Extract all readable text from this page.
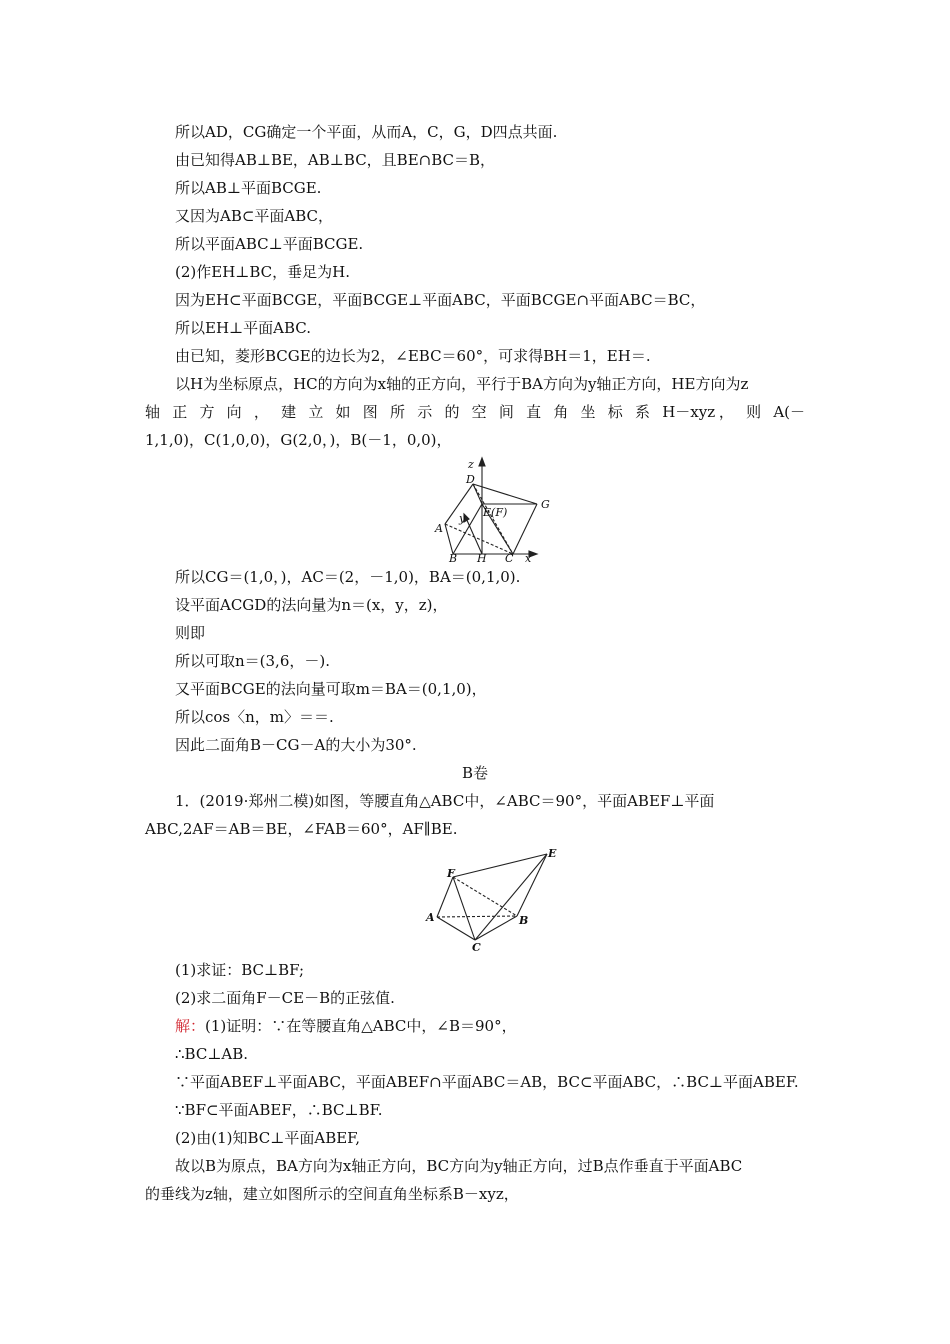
所以AD，CG确定一个平面，从而A，C，G，D四点共面.
由已知得AB⊥BE，AB⊥BC，且BE∩BC＝B，
所以AB⊥平面BCGE.
又因为AB⊂平面ABC，
所以平面ABC⊥平面BCGE.
(2)作EH⊥BC，垂足为H.
因为EH⊂平面BCGE，平面BCGE⊥平面ABC，平面BCGE∩平面ABC＝BC，
所以EH⊥平面ABC.
由已知，菱形BCGE的边长为2，∠EBC＝60°，可求得BH＝1，EH＝.
以H为坐标原点，HC的方向为x轴的正方向，平行于BA方向为y轴正方向，HE方向为z
轴 正 方 向 ， 建 立 如 图 所 示 的 空 间 直 角 坐 标 系 H－xyz， 则 A(－
1,1,0)，C(1,0,0)，G(2,0，)，B(－1，0,0)，
z
D
G
y E(F)
A
B H C x
所以CG＝(1,0，)，AC＝(2，－1,0)，BA＝(0,1,0).
设平面ACGD的法向量为n＝(x，y，z)，
则即
所以可取n＝(3,6，－).
又平面BCGE的法向量可取m＝BA＝(0,1,0)，
所以cos〈n，m〉＝＝.
因此二面角B－CG－A的大小为30°.
B卷
1．(2019·郑州二模)如图，等腰直角△ABC中，∠ABC＝90°，平面ABEF⊥平面
ABC,2AF＝AB＝BE，∠FAB＝60°，AF∥BE.
F
E
A	B
C
(1)求证：BC⊥BF;
(2)求二面角F－CE－B的正弦值.
解：(1)证明：∵在等腰直角△ABC中，∠B＝90°，
∴BC⊥AB.
∵平面ABEF⊥平面ABC，平面ABEF∩平面ABC＝AB，BC⊂平面ABC，∴BC⊥平面ABEF.
∵BF⊂平面ABEF，∴BC⊥BF.
(2)由(1)知BC⊥平面ABEF,
故以B为原点，BA方向为x轴正方向，BC方向为y轴正方向，过B点作垂直于平面ABC
的垂线为z轴，建立如图所示的空间直角坐标系B－xyz，
